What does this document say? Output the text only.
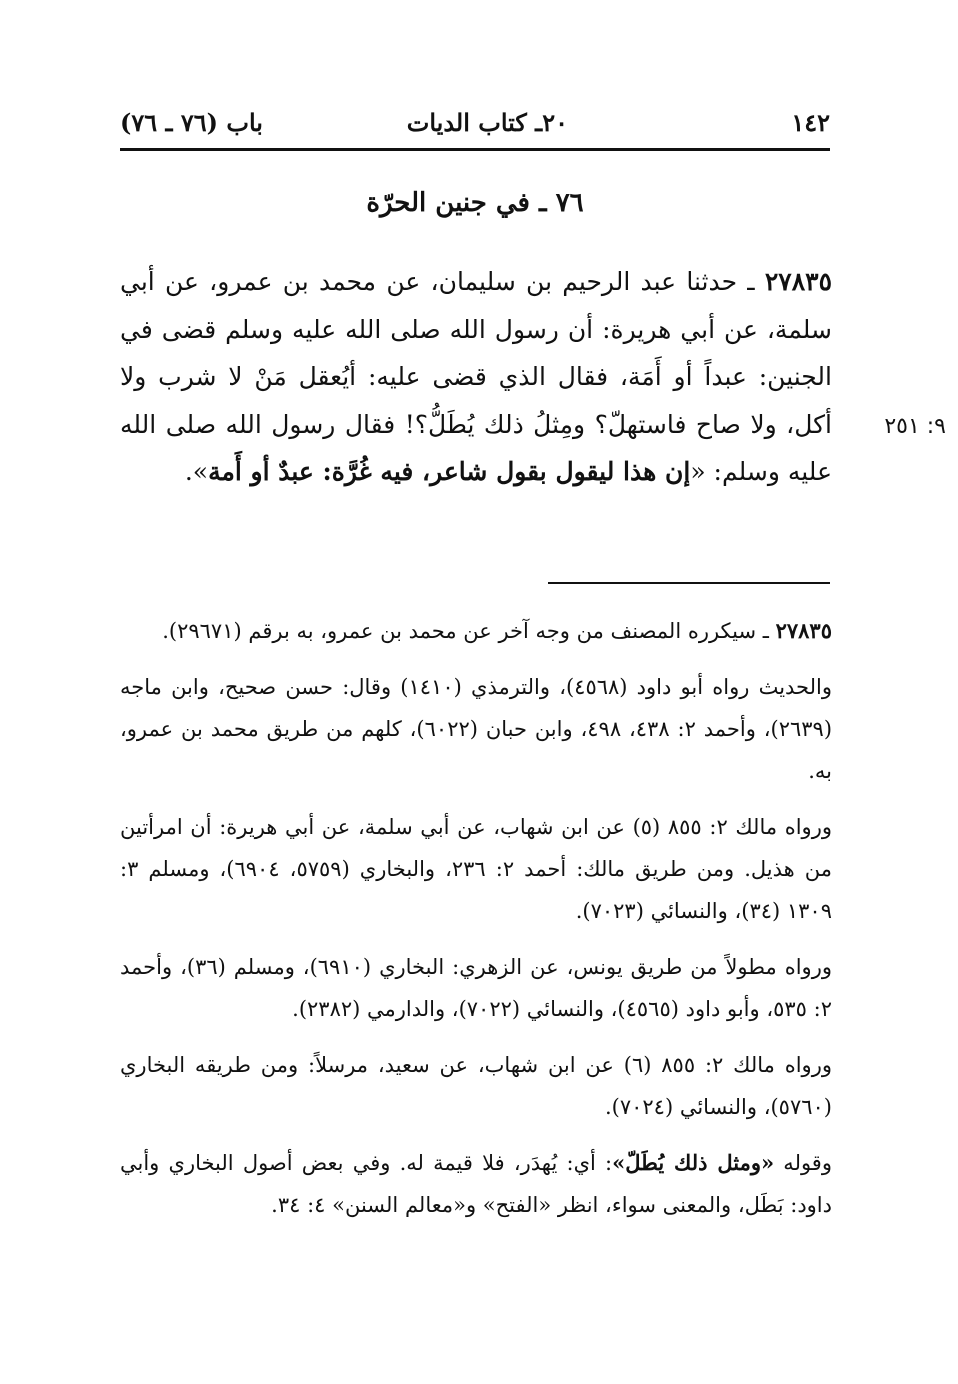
١٤٢
٢٠ـ كتاب الديات
باب (٧٦ ـ ٧٦)
٧٦ ـ في جنين الحرّة
٢٧٨٣٥ ـ حدثنا عبد الرحيم بن سليمان، عن محمد بن عمرو، عن أبي سلمة، عن أبي هريرة: أن رسول الله صلى الله عليه وسلم قضى في الجنين: عبداً أو أَمَة، فقال الذي قضى عليه: أيُعقل مَنْ لا شرب ولا أكل، ولا صاح فاستهلّ؟ ومِثلُ ذلك يُطَلُّ؟! فقال رسول الله صلى الله عليه وسلم: «إن هذا ليقول بقول شاعر، فيه غُرَّة: عبدٌ أو أَمة».
٩: ٢٥١

٢٧٨٣٥ ـ سيكرره المصنف من وجه آخر عن محمد بن عمرو، به برقم (٢٩٦٧١).

والحديث رواه أبو داود (٤٥٦٨)، والترمذي (١٤١٠) وقال: حسن صحيح، وابن ماجه (٢٦٣٩)، وأحمد ٢: ٤٣٨، ٤٩٨، وابن حبان (٦٠٢٢)، كلهم من طريق محمد بن عمرو، به.

ورواه مالك ٢: ٨٥٥ (٥) عن ابن شهاب، عن أبي سلمة، عن أبي هريرة: أن امرأتين من هذيل. ومن طريق مالك: أحمد ٢: ٢٣٦، والبخاري (٥٧٥٩، ٦٩٠٤)، ومسلم ٣: ١٣٠٩ (٣٤)، والنسائي (٧٠٢٣).

ورواه مطولاً من طريق يونس، عن الزهري: البخاري (٦٩١٠)، ومسلم (٣٦)، وأحمد ٢: ٥٣٥، وأبو داود (٤٥٦٥)، والنسائي (٧٠٢٢)، والدارمي (٢٣٨٢).

ورواه مالك ٢: ٨٥٥ (٦) عن ابن شهاب، عن سعيد، مرسلاً: ومن طريقه البخاري (٥٧٦٠)، والنسائي (٧٠٢٤).

وقوله «ومثل ذلك يُطَلّ»: أي: يُهدَر، فلا قيمة له. وفي بعض أصول البخاري وأبي داود: بَطَل، والمعنى سواء، انظر «الفتح» و«معالم السنن» ٤: ٣٤.
